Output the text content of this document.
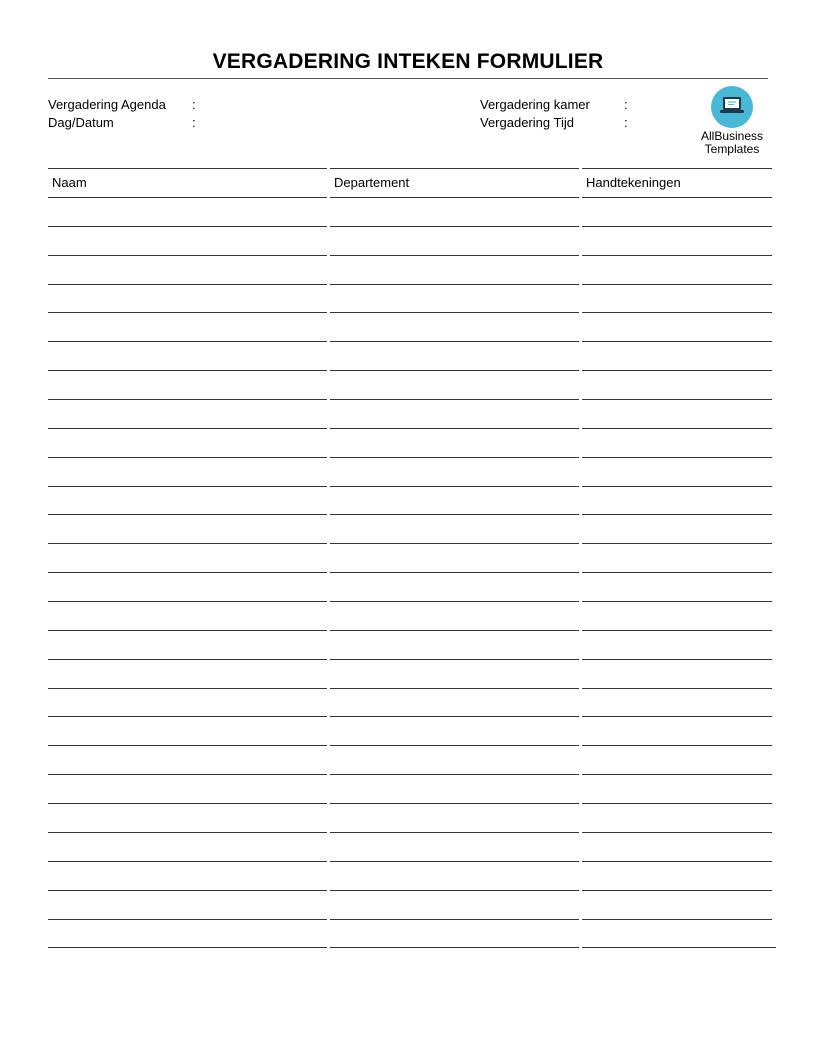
VERGADERING INTEKEN FORMULIER
Vergadering Agenda :
Dag/Datum	:
Vergadering kamer	:
Vergadering Tijd	:
AllBusiness
Templates
Naam	Departement	Handtekeningen
